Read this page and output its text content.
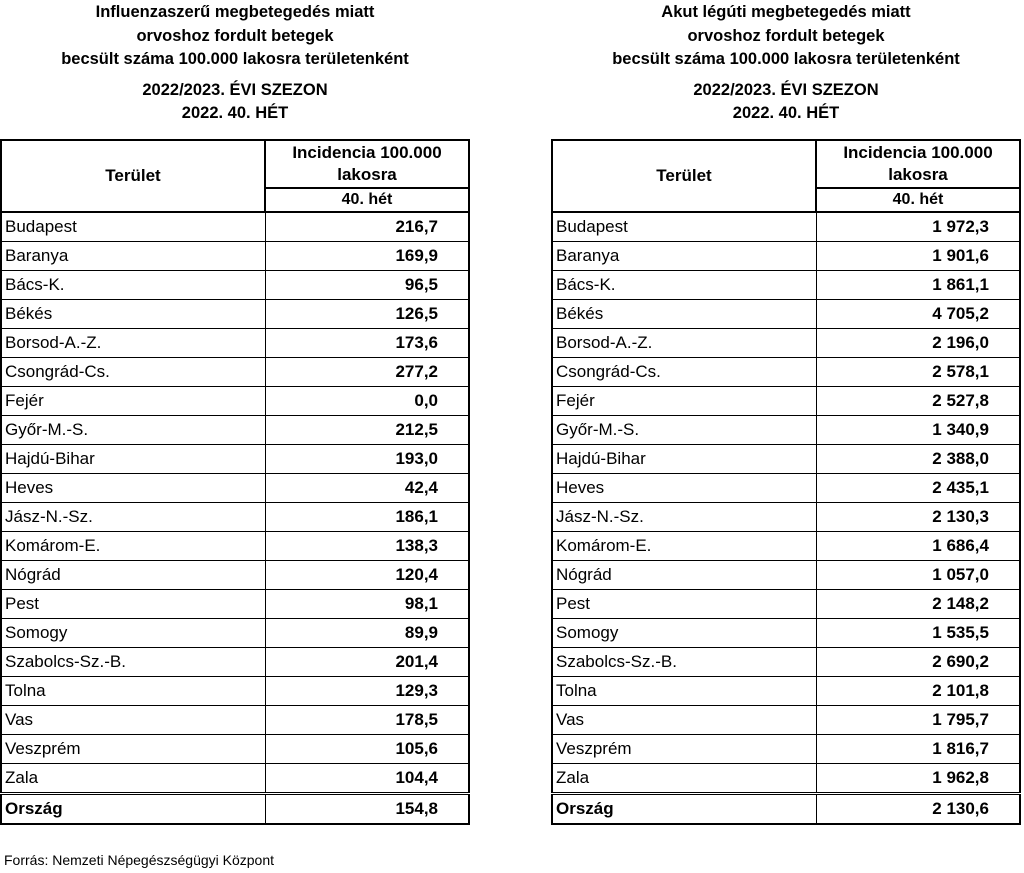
Influenzaszerű megbetegedés miatt
orvoshoz fordult betegek
becsült száma 100.000 lakosra területenként
2022/2023. ÉVI SZEZON
2022. 40. HÉT
Terület	Incidencia 100.000
lakosra

	40. hét
Budapest	216,7
Baranya	169,9
Bács-K.	96,5
Békés	126,5
Borsod-A.-Z.	173,6
Csongrád-Cs.	277,2
Fejér	0,0
Győr-M.-S.	212,5
Hajdú-Bihar	193,0
Heves	42,4
Jász-N.-Sz.	186,1
Komárom-E.	138,3
Nógrád	120,4
Pest	98,1
Somogy	89,9
Szabolcs-Sz.-B.	201,4
Tolna	129,3
Vas	178,5
Veszprém	105,6
Zala	104,4
Ország	154,8
Akut légúti megbetegedés miatt
orvoshoz fordult betegek
becsült száma 100.000 lakosra területenként
2022/2023. ÉVI SZEZON
2022. 40. HÉT
Terület	Incidencia 100.000
lakosra

	40. hét
Budapest	1 972,3
Baranya	1 901,6
Bács-K.	1 861,1
Békés	4 705,2
Borsod-A.-Z.	2 196,0
Csongrád-Cs.	2 578,1
Fejér	2 527,8
Győr-M.-S.	1 340,9
Hajdú-Bihar	2 388,0
Heves	2 435,1
Jász-N.-Sz.	2 130,3
Komárom-E.	1 686,4
Nógrád	1 057,0
Pest	2 148,2
Somogy	1 535,5
Szabolcs-Sz.-B.	2 690,2
Tolna	2 101,8
Vas	1 795,7
Veszprém	1 816,7
Zala	1 962,8
Ország	2 130,6
Forrás: Nemzeti Népegészségügyi Központ
